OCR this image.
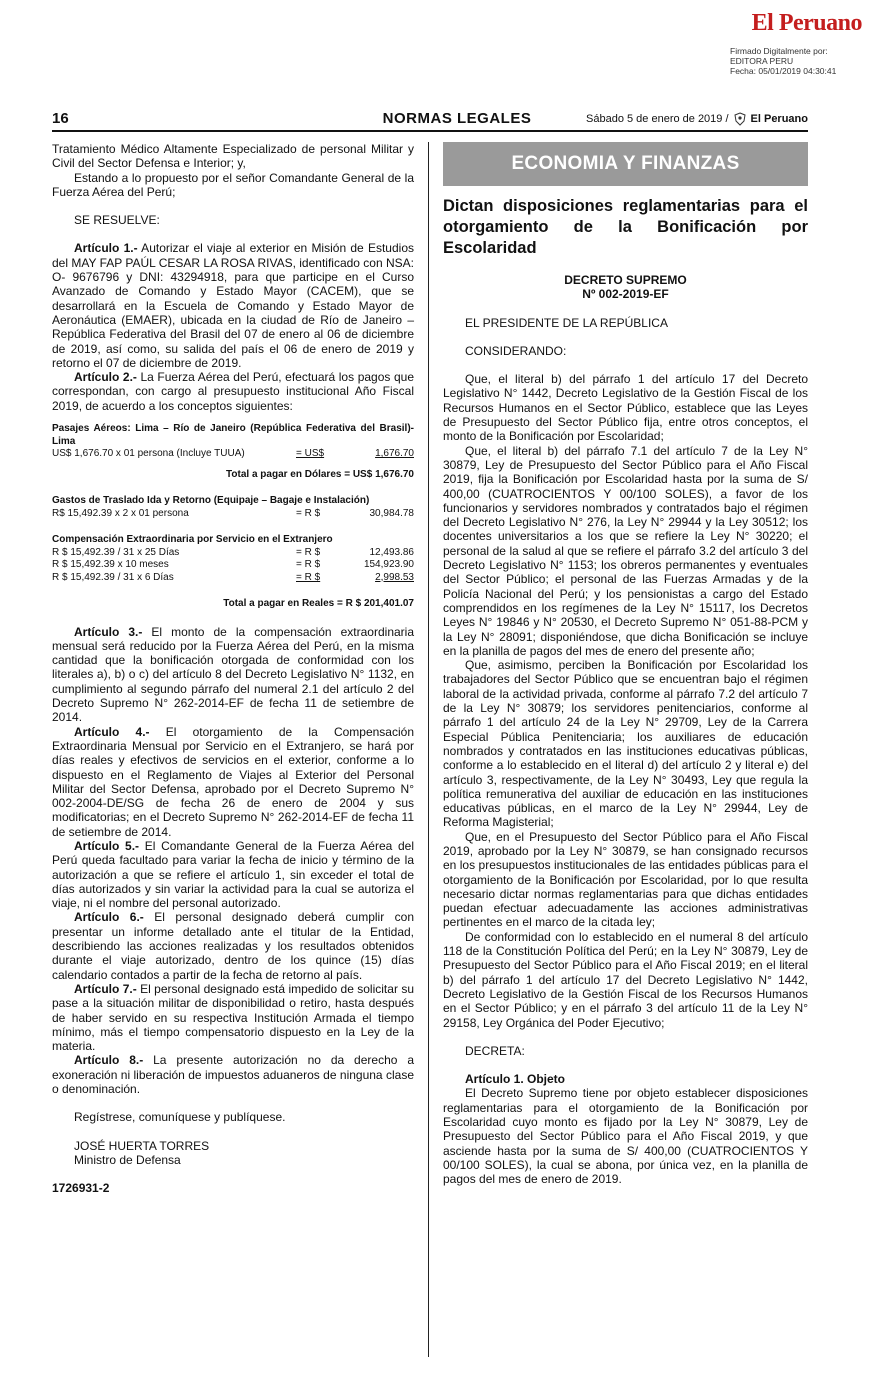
El Peruano
Firmado Digitalmente por:
EDITORA PERU
Fecha: 05/01/2019 04:30:41
16	NORMAS LEGALES	Sábado 5 de enero de 2019 / El Peruano
Tratamiento Médico Altamente Especializado de personal Militar y Civil del Sector Defensa e Interior; y,
Estando a lo propuesto por el señor Comandante General de la Fuerza Aérea del Perú;
SE RESUELVE:
Artículo 1.- Autorizar el viaje al exterior en Misión de Estudios del MAY FAP PAÚL CESAR LA ROSA RIVAS, identificado con NSA: O- 9676796 y DNI: 43294918, para que participe en el Curso Avanzado de Comando y Estado Mayor (CACEM), que se desarrollará en la Escuela de Comando y Estado Mayor de Aeronáutica (EMAER), ubicada en la ciudad de Río de Janeiro – República Federativa del Brasil del 07 de enero al 06 de diciembre de 2019, así como, su salida del país el 06 de enero de 2019 y retorno el 07 de diciembre de 2019.
Artículo 2.- La Fuerza Aérea del Perú, efectuará los pagos que correspondan, con cargo al presupuesto institucional Año Fiscal 2019, de acuerdo a los conceptos siguientes:
Pasajes Aéreos: Lima – Río de Janeiro (República Federativa del Brasil)- Lima
US$ 1,676.70 x 01 persona (Incluye TUUA)	= US$	1,676.70
Total a pagar en Dólares = US$ 1,676.70
Gastos de Traslado Ida y Retorno (Equipaje – Bagaje e Instalación)
R$ 15,492.39 x 2 x 01 persona	= R $	30,984.78
Compensación Extraordinaria por Servicio en el Extranjero
R $ 15,492.39 / 31 x 25 Días	= R $	12,493.86
R $ 15,492.39 x 10 meses	= R $	154,923.90
R $ 15,492.39 / 31 x 6 Días	= R $	2,998.53
Total a pagar en Reales = R $ 201,401.07
Artículo 3.- El monto de la compensación extraordinaria mensual será reducido por la Fuerza Aérea del Perú, en la misma cantidad que la bonificación otorgada de conformidad con los literales a), b) o c) del artículo 8 del Decreto Legislativo N° 1132, en cumplimiento al segundo párrafo del numeral 2.1 del artículo 2 del Decreto Supremo N° 262-2014-EF de fecha 11 de setiembre de 2014.
Artículo 4.- El otorgamiento de la Compensación Extraordinaria Mensual por Servicio en el Extranjero, se hará por días reales y efectivos de servicios en el exterior, conforme a lo dispuesto en el Reglamento de Viajes al Exterior del Personal Militar del Sector Defensa, aprobado por el Decreto Supremo N° 002-2004-DE/SG de fecha 26 de enero de 2004 y sus modificatorias; en el Decreto Supremo N° 262-2014-EF de fecha 11 de setiembre de 2014.
Artículo 5.- El Comandante General de la Fuerza Aérea del Perú queda facultado para variar la fecha de inicio y término de la autorización a que se refiere el artículo 1, sin exceder el total de días autorizados y sin variar la actividad para la cual se autoriza el viaje, ni el nombre del personal autorizado.
Artículo 6.- El personal designado deberá cumplir con presentar un informe detallado ante el titular de la Entidad, describiendo las acciones realizadas y los resultados obtenidos durante el viaje autorizado, dentro de los quince (15) días calendario contados a partir de la fecha de retorno al país.
Artículo 7.- El personal designado está impedido de solicitar su pase a la situación militar de disponibilidad o retiro, hasta después de haber servido en su respectiva Institución Armada el tiempo mínimo, más el tiempo compensatorio dispuesto en la Ley de la materia.
Artículo 8.- La presente autorización no da derecho a exoneración ni liberación de impuestos aduaneros de ninguna clase o denominación.
Regístrese, comuníquese y publíquese.
JOSÉ HUERTA TORRES
Ministro de Defensa
1726931-2
ECONOMIA Y FINANZAS
Dictan disposiciones reglamentarias para el otorgamiento de la Bonificación por Escolaridad
DECRETO SUPREMO
Nº 002-2019-EF
EL PRESIDENTE DE LA REPÚBLICA
CONSIDERANDO:
Que, el literal b) del párrafo 1 del artículo 17 del Decreto Legislativo N° 1442, Decreto Legislativo de la Gestión Fiscal de los Recursos Humanos en el Sector Público, establece que las Leyes de Presupuesto del Sector Público fija, entre otros conceptos, el monto de la Bonificación por Escolaridad;
Que, el literal b) del párrafo 7.1 del artículo 7 de la Ley N° 30879, Ley de Presupuesto del Sector Público para el Año Fiscal 2019, fija la Bonificación por Escolaridad hasta por la suma de S/ 400,00 (CUATROCIENTOS Y 00/100 SOLES), a favor de los funcionarios y servidores nombrados y contratados bajo el régimen del Decreto Legislativo N° 276, la Ley N° 29944 y la Ley 30512; los docentes universitarios a los que se refiere la Ley N° 30220; el personal de la salud al que se refiere el párrafo 3.2 del artículo 3 del Decreto Legislativo N° 1153; los obreros permanentes y eventuales del Sector Público; el personal de las Fuerzas Armadas y de la Policía Nacional del Perú; y los pensionistas a cargo del Estado comprendidos en los regímenes de la Ley N° 15117, los Decretos Leyes N° 19846 y N° 20530, el Decreto Supremo N° 051-88-PCM y la Ley N° 28091; disponiéndose, que dicha Bonificación se incluye en la planilla de pagos del mes de enero del presente año;
Que, asimismo, perciben la Bonificación por Escolaridad los trabajadores del Sector Público que se encuentran bajo el régimen laboral de la actividad privada, conforme al párrafo 7.2 del artículo 7 de la Ley N° 30879; los servidores penitenciarios, conforme al párrafo 1 del artículo 24 de la Ley N° 29709, Ley de la Carrera Especial Pública Penitenciaria; los auxiliares de educación nombrados y contratados en las instituciones educativas públicas, conforme a lo establecido en el literal d) del artículo 2 y literal e) del artículo 3, respectivamente, de la Ley N° 30493, Ley que regula la política remunerativa del auxiliar de educación en las instituciones educativas públicas, en el marco de la Ley N° 29944, Ley de Reforma Magisterial;
Que, en el Presupuesto del Sector Público para el Año Fiscal 2019, aprobado por la Ley N° 30879, se han consignado recursos en los presupuestos institucionales de las entidades públicas para el otorgamiento de la Bonificación por Escolaridad, por lo que resulta necesario dictar normas reglamentarias para que dichas entidades puedan efectuar adecuadamente las acciones administrativas pertinentes en el marco de la citada ley;
De conformidad con lo establecido en el numeral 8 del artículo 118 de la Constitución Política del Perú; en la Ley N° 30879, Ley de Presupuesto del Sector Público para el Año Fiscal 2019; en el literal b) del párrafo 1 del artículo 17 del Decreto Legislativo N° 1442, Decreto Legislativo de la Gestión Fiscal de los Recursos Humanos en el Sector Público; y en el párrafo 3 del artículo 11 de la Ley N° 29158, Ley Orgánica del Poder Ejecutivo;
DECRETA:
Artículo 1. Objeto
El Decreto Supremo tiene por objeto establecer disposiciones reglamentarias para el otorgamiento de la Bonificación por Escolaridad cuyo monto es fijado por la Ley N° 30879, Ley de Presupuesto del Sector Público para el Año Fiscal 2019, y que asciende hasta por la suma de S/ 400,00 (CUATROCIENTOS Y 00/100 SOLES), la cual se abona, por única vez, en la planilla de pagos del mes de enero de 2019.
